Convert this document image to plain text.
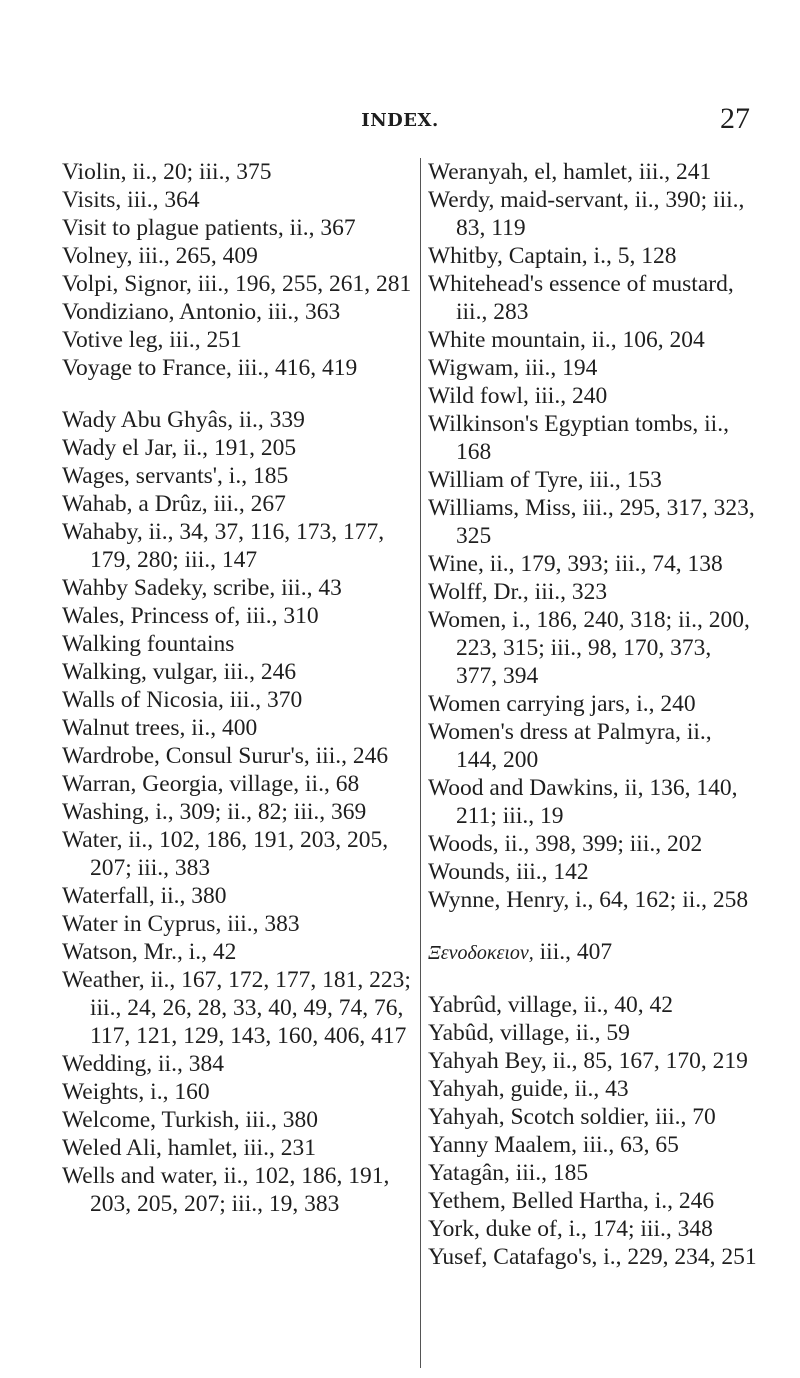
INDEX.	27
Violin, ii., 20; iii., 375
Visits, iii., 364
Visit to plague patients, ii., 367
Volney, iii., 265, 409
Volpi, Signor, iii., 196, 255, 261, 281
Vondiziano, Antonio, iii., 363
Votive leg, iii., 251
Voyage to France, iii., 416, 419
Wady Abu Ghyâs, ii., 339
Wady el Jar, ii., 191, 205
Wages, servants', i., 185
Wahab, a Drûz, iii., 267
Wahaby, ii., 34, 37, 116, 173, 177, 179, 280; iii., 147
Wahby Sadeky, scribe, iii., 43
Wales, Princess of, iii., 310
Walking fountains
Walking, vulgar, iii., 246
Walls of Nicosia, iii., 370
Walnut trees, ii., 400
Wardrobe, Consul Surur's, iii., 246
Warran, Georgia, village, ii., 68
Washing, i., 309; ii., 82; iii., 369
Water, ii., 102, 186, 191, 203, 205, 207; iii., 383
Waterfall, ii., 380
Water in Cyprus, iii., 383
Watson, Mr., i., 42
Weather, ii., 167, 172, 177, 181, 223; iii., 24, 26, 28, 33, 40, 49, 74, 76, 117, 121, 129, 143, 160, 406, 417
Wedding, ii., 384
Weights, i., 160
Welcome, Turkish, iii., 380
Weled Ali, hamlet, iii., 231
Wells and water, ii., 102, 186, 191, 203, 205, 207; iii., 19, 383
Weranyah, el, hamlet, iii., 241
Werdy, maid-servant, ii., 390; iii., 83, 119
Whitby, Captain, i., 5, 128
Whitehead's essence of mustard, iii., 283
White mountain, ii., 106, 204
Wigwam, iii., 194
Wild fowl, iii., 240
Wilkinson's Egyptian tombs, ii., 168
William of Tyre, iii., 153
Williams, Miss, iii., 295, 317, 323, 325
Wine, ii., 179, 393; iii., 74, 138
Wolff, Dr., iii., 323
Women, i., 186, 240, 318; ii., 200, 223, 315; iii., 98, 170, 373, 377, 394
Women carrying jars, i., 240
Women's dress at Palmyra, ii., 144, 200
Wood and Dawkins, ii, 136, 140, 211; iii., 19
Woods, ii., 398, 399; iii., 202
Wounds, iii., 142
Wynne, Henry, i., 64, 162; ii., 258
Ξενοδοκειον, iii., 407
Yabrûd, village, ii., 40, 42
Yabûd, village, ii., 59
Yahyah Bey, ii., 85, 167, 170, 219
Yahyah, guide, ii., 43
Yahyah, Scotch soldier, iii., 70
Yanny Maalem, iii., 63, 65
Yatagân, iii., 185
Yethem, Belled Hartha, i., 246
York, duke of, i., 174; iii., 348
Yusef, Catafago's, i., 229, 234, 251
